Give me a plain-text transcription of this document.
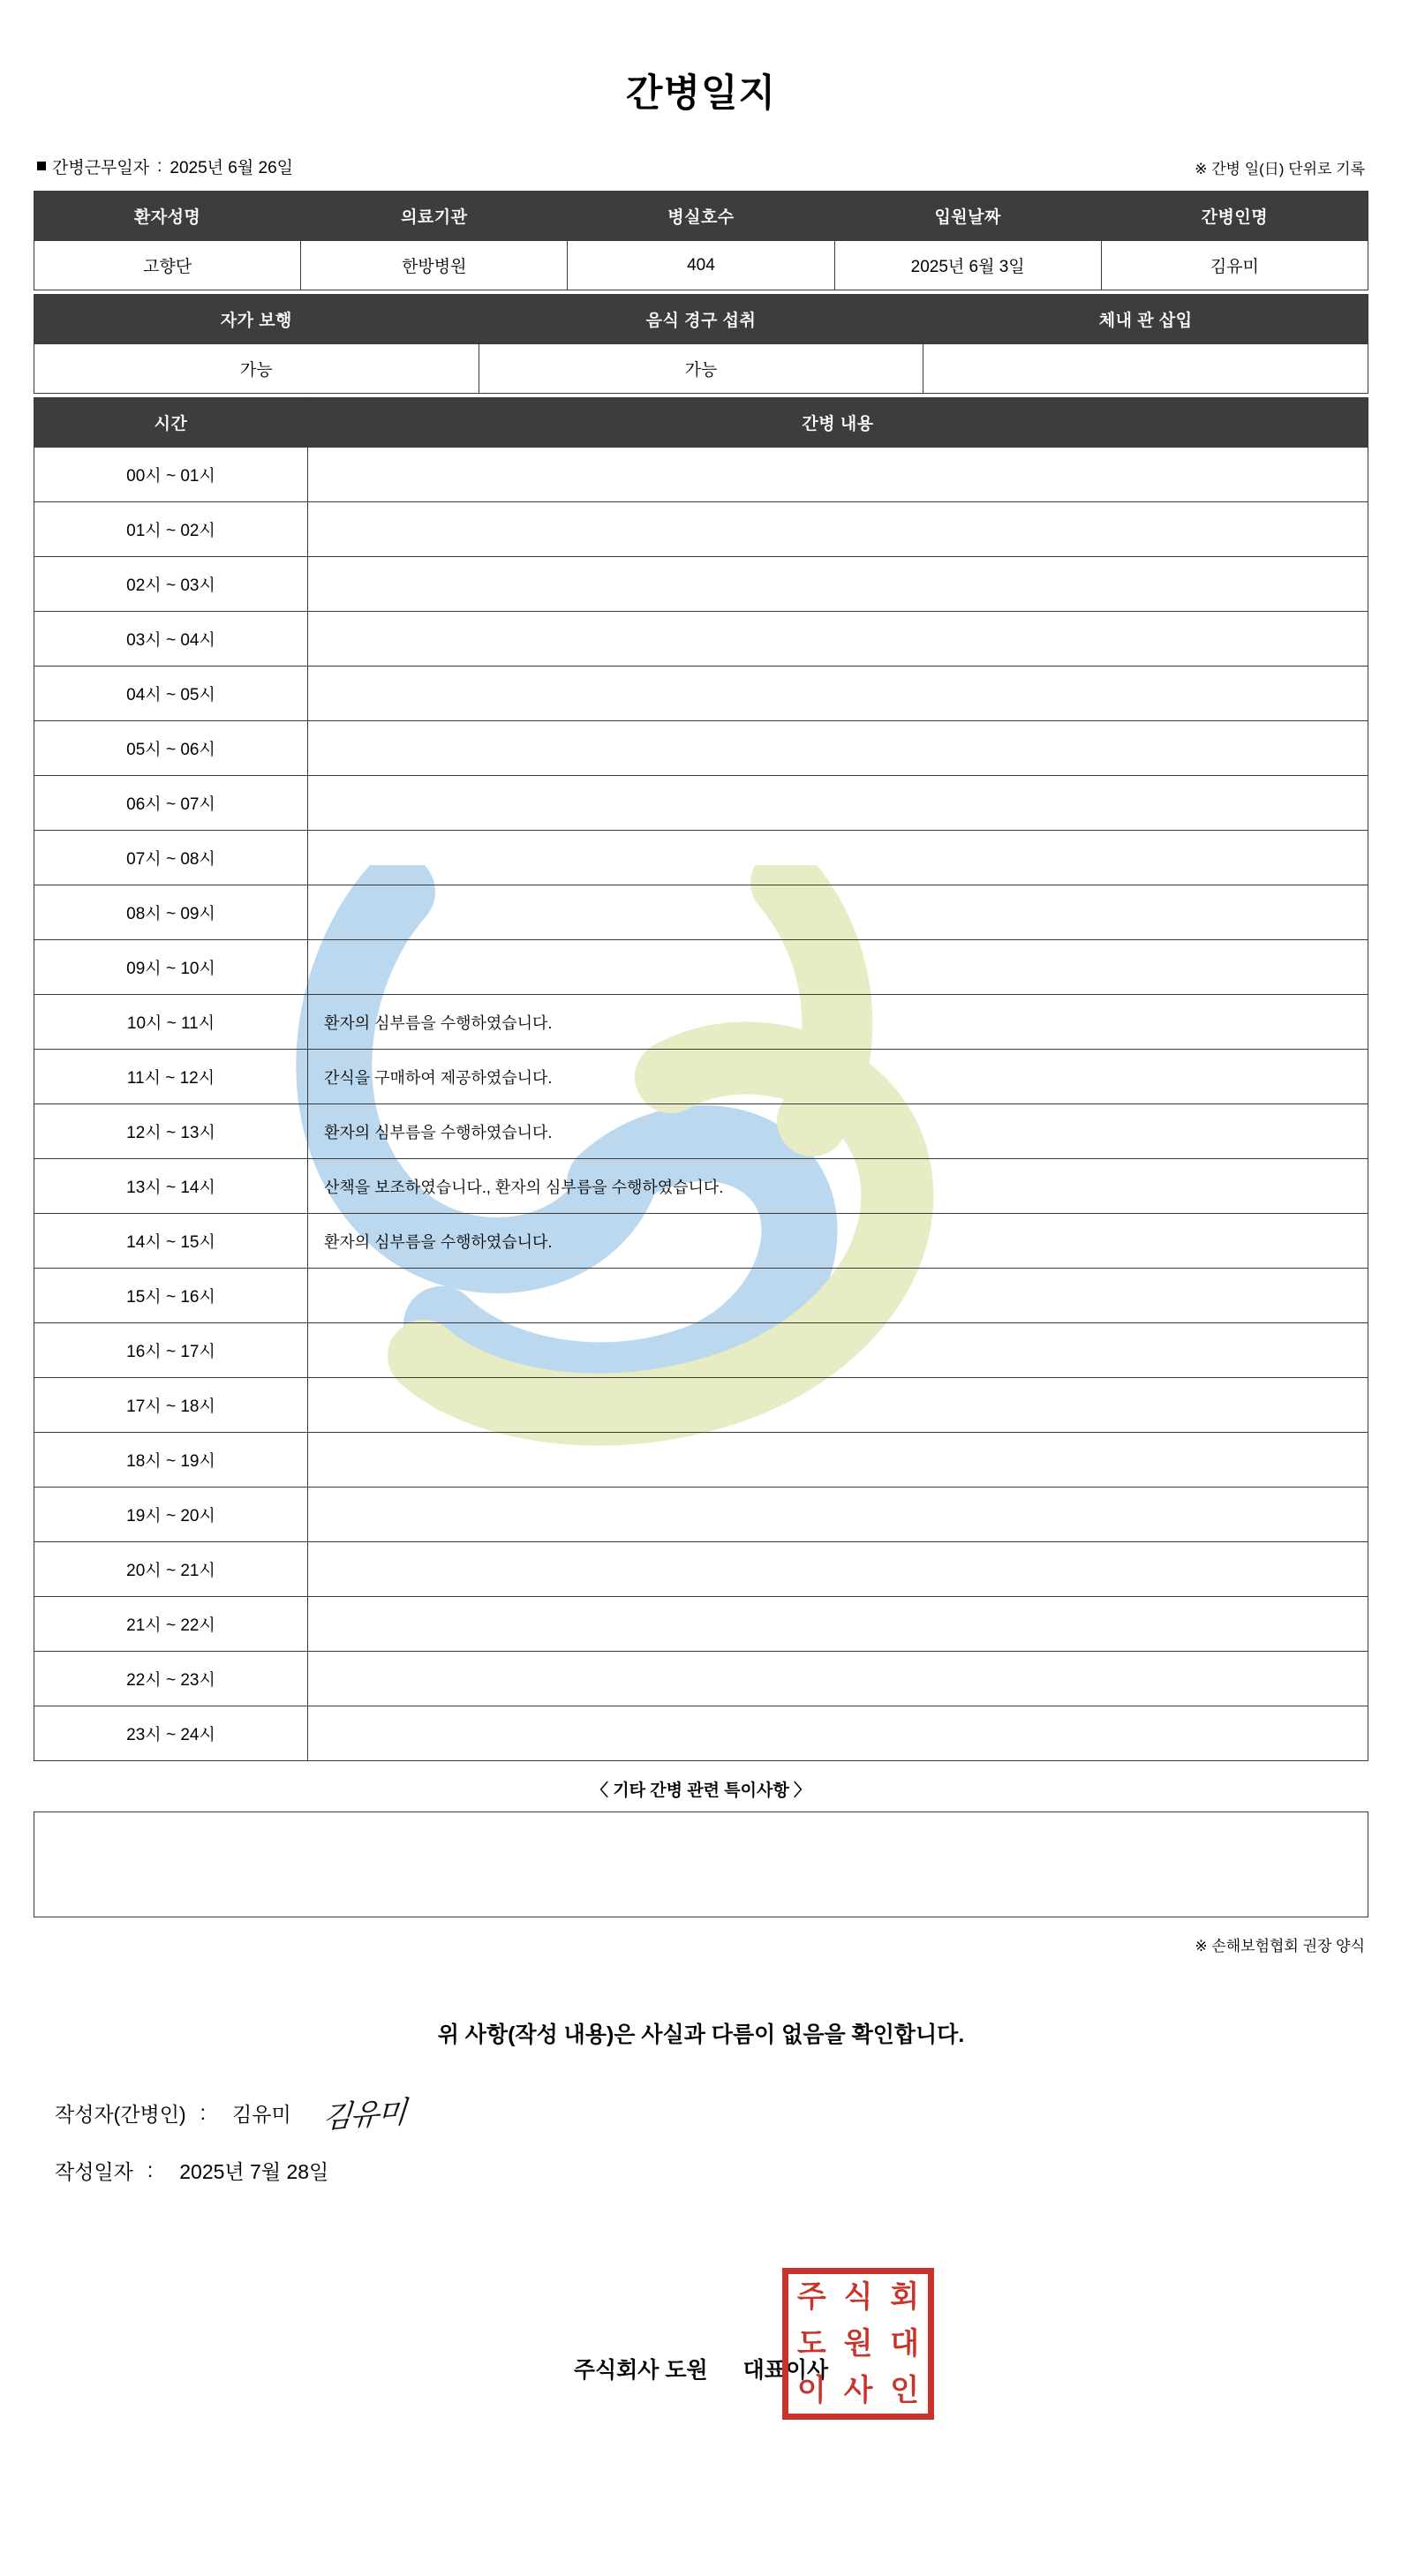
간병일지
간병근무일자 : 2025년 6월 26일	※ 간병 일(日) 단위로 기록
환자성명	의료기관	병실호수	입원날짜	간병인명
고향단	한방병원	404	2025년 6월 3일	김유미
자가 보행	음식 경구 섭취	체내 관 삽입
가능	가능	
시간	간병 내용
00시 ~ 01시	
01시 ~ 02시	
02시 ~ 03시	
03시 ~ 04시	
04시 ~ 05시	
05시 ~ 06시	
06시 ~ 07시	
07시 ~ 08시	
08시 ~ 09시	
09시 ~ 10시	
10시 ~ 11시	환자의 심부름을 수행하였습니다.
11시 ~ 12시	간식을 구매하여 제공하였습니다.
12시 ~ 13시	환자의 심부름을 수행하였습니다.
13시 ~ 14시	산책을 보조하였습니다., 환자의 심부름을 수행하였습니다.
14시 ~ 15시	환자의 심부름을 수행하였습니다.
15시 ~ 16시	
16시 ~ 17시	
17시 ~ 18시	
18시 ~ 19시	
19시 ~ 20시	
20시 ~ 21시	
21시 ~ 22시	
22시 ~ 23시	
23시 ~ 24시	
〈 기타 간병 관련 특이사항 〉
※ 손해보험협회 권장 양식
위 사항(작성 내용)은 사실과 다름이 없음을 확인합니다.
작성자(간병인) :	김유미	김유미
작성일자 :	2025년 7월 28일
주식회사 도원 대표이사
주 식 회
도 원 대
이 사 인
